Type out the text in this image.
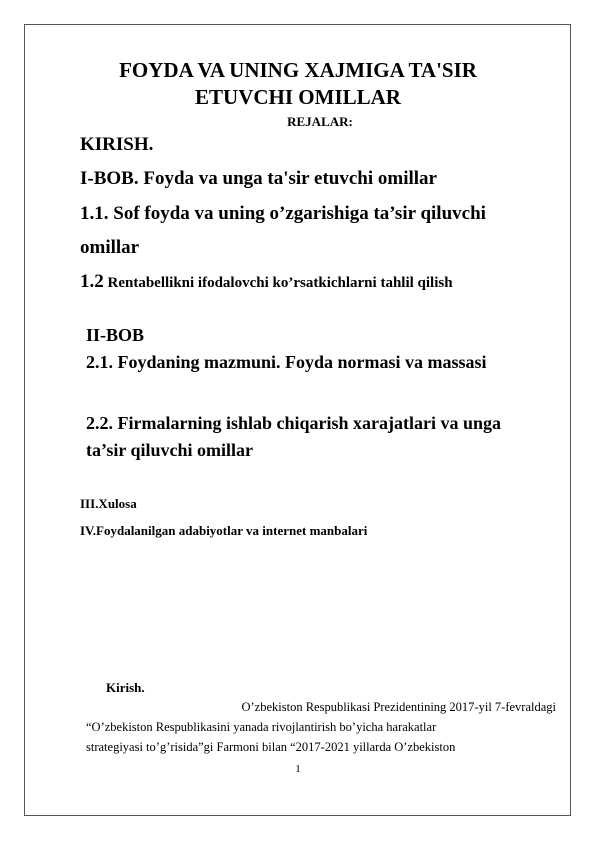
FOYDA VA UNING XAJMIGA TA'SIR
ETUVCHI OMILLAR
REJALAR:
KIRISH.
I-BOB. Foyda va unga ta'sir etuvchi omillar
1.1. Sof foyda va uning o’zgarishiga ta’sir qiluvchi
omillar
1.2 Rentabellikni ifodalovchi ko’rsatkichlarni tahlil qilish
II-BOB
2.1. Foydaning mazmuni. Foyda normasi va massasi
2.2. Firmalarning ishlab chiqarish xarajatlari va unga
ta’sir qiluvchi omillar
III.Xulosa
IV.Foydalanilgan adabiyotlar va internet manbalari
Kirish.
O’zbekiston Respublikasi Prezidentining 2017-yil 7-fevraldagi
“O’zbekiston Respublikasini yanada rivojlantirish bo’yicha harakatlar
strategiyasi to’g’risida”gi Farmoni bilan “2017-2021 yillarda O’zbekiston
1
